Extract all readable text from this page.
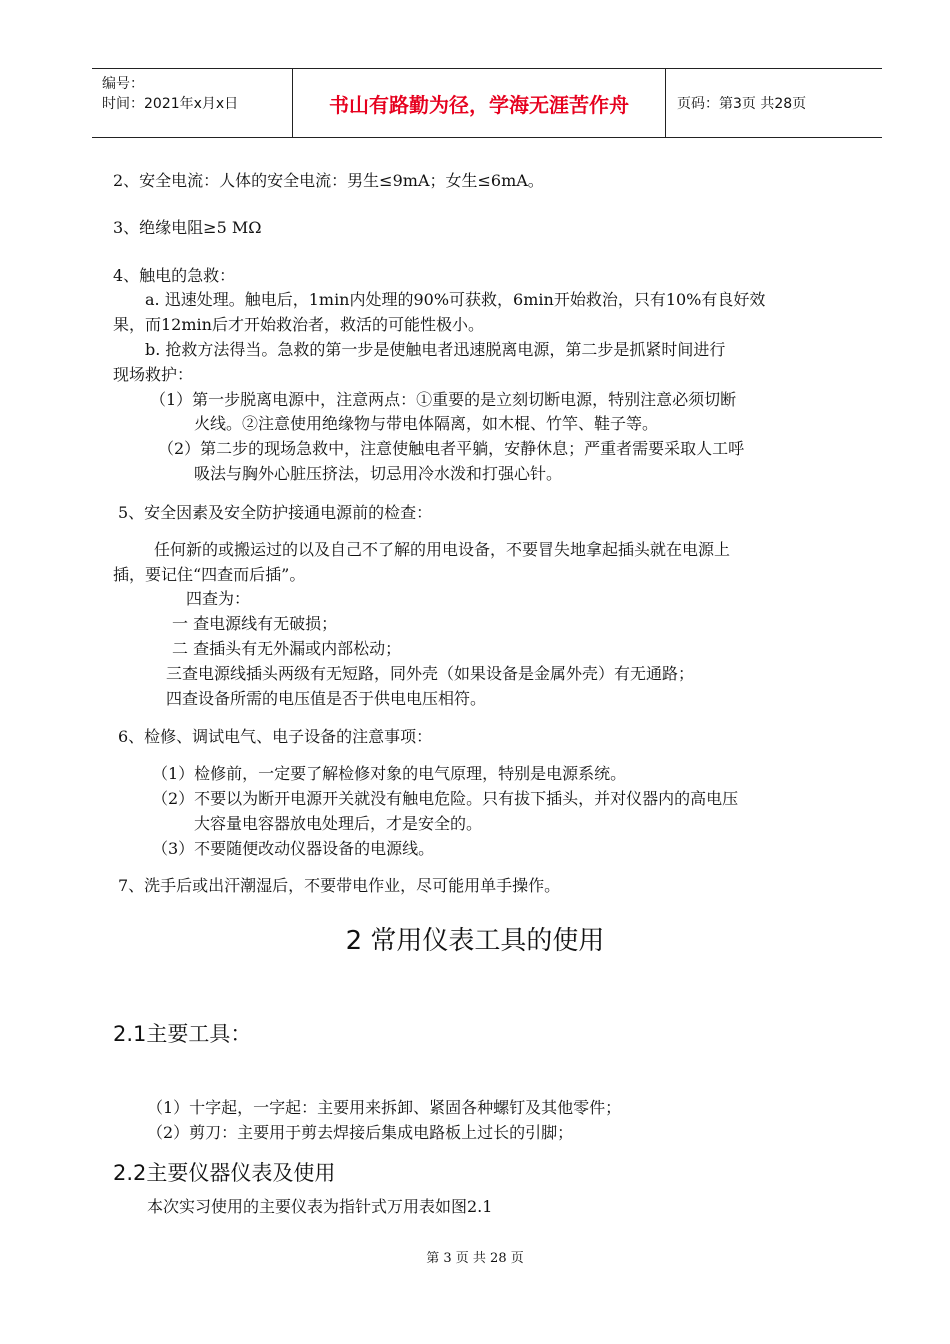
编号：
时间：2021年x月x日	书山有路勤为径，学海无涯苦作舟	页码：第3页 共28页
2、安全电流：人体的安全电流：男生≤9mA；女生≤6mA。
3、绝缘电阻≥5 MΩ
4、触电的急救：
a. 迅速处理。触电后，1min内处理的90%可获救，6min开始救治，只有10%有良好效
果，而12min后才开始救治者，救活的可能性极小。
b. 抢救方法得当。急救的第一步是使触电者迅速脱离电源，第二步是抓紧时间进行
现场救护：
（1）第一步脱离电源中，注意两点：①重要的是立刻切断电源，特别注意必须切断
火线。②注意使用绝缘物与带电体隔离，如木棍、竹竿、鞋子等。
（2）第二步的现场急救中，注意使触电者平躺，安静休息；严重者需要采取人工呼
吸法与胸外心脏压挤法，切忌用冷水泼和打强心针。
5、安全因素及安全防护接通电源前的检查：
任何新的或搬运过的以及自己不了解的用电设备，不要冒失地拿起插头就在电源上
插，要记住“四查而后插”。
四查为：
一 查电源线有无破损；
二 查插头有无外漏或内部松动；
三查电源线插头两级有无短路，同外壳（如果设备是金属外壳）有无通路；
四查设备所需的电压值是否于供电电压相符。
6、检修、调试电气、电子设备的注意事项：
（1）检修前，一定要了解检修对象的电气原理，特别是电源系统。
（2）不要以为断开电源开关就没有触电危险。只有拔下插头，并对仪器内的高电压
大容量电容器放电处理后，才是安全的。
（3）不要随便改动仪器设备的电源线。
7、洗手后或出汗潮湿后，不要带电作业，尽可能用单手操作。
2 常用仪表工具的使用
2.1主要工具：
（1）十字起，一字起：主要用来拆卸、紧固各种螺钉及其他零件；
（2）剪刀：主要用于剪去焊接后集成电路板上过长的引脚；
2.2主要仪器仪表及使用
本次实习使用的主要仪表为指针式万用表如图2.1
第 3 页 共 28 页
